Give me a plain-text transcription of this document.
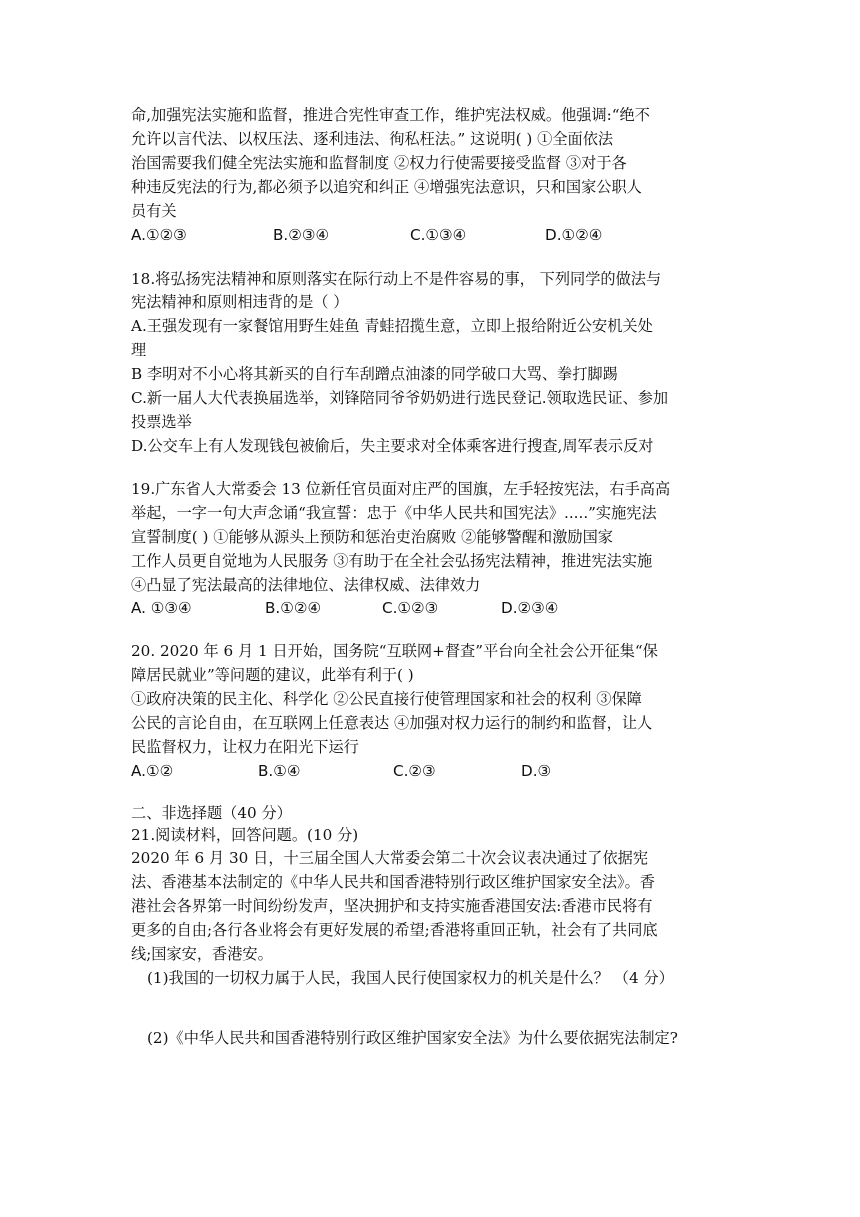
命,加强宪法实施和监督，推进合宪性审查工作，维护宪法权威。他强调:“绝不
允许以言代法、以权压法、逐利违法、徇私枉法。” 这说明( ) ①全面依法
治国需要我们健全宪法实施和监督制度 ②权力行使需要接受监督 ③对于各
种违反宪法的行为,都必须予以追究和纠正 ④增强宪法意识，只和国家公职人
员有关
A.①②③	B.②③④	C.①③④	D.①②④
18.将弘扬宪法精神和原则落实在际行动上不是件容易的事， 下列同学的做法与
宪法精神和原则相违背的是（ ）
A.王强发现有一家餐馆用野生娃鱼 青蛙招揽生意，立即上报给附近公安机关处
理
B 李明对不小心将其新买的自行车刮蹭点油漆的同学破口大骂、拳打脚踢
C.新一届人大代表换届选举，刘锋陪同爷爷奶奶进行选民登记.领取选民证、参加
投票选举
D.公交车上有人发现钱包被偷后，失主要求对全体乘客进行搜查,周军表示反对
19.广东省人大常委会 13 位新任官员面对庄严的国旗，左手轻按宪法，右手高高
举起，一字一句大声念诵“我宣誓：忠于《中华人民共和国宪法》.....”实施宪法
宣誓制度( ) ①能够从源头上预防和惩治吏治腐败 ②能够警醒和激励国家
工作人员更自觉地为人民服务 ③有助于在全社会弘扬宪法精神，推进宪法实施
④凸显了宪法最高的法律地位、法律权威、法律效力
A. ①③④	B.①②④	C.①②③	D.②③④
20. 2020 年 6 月 1 日开始，国务院“互联网+督查”平台向全社会公开征集“保
障居民就业”等问题的建议，此举有利于( )
①政府决策的民主化、科学化 ②公民直接行使管理国家和社会的权利 ③保障
公民的言论自由，在互联网上任意表达 ④加强对权力运行的制约和监督，让人
民监督权力，让权力在阳光下运行
A.①②	B.①④	C.②③	D.③
二、非选择题（40 分）
21.阅读材料，回答问题。(10 分)
2020 年 6 月 30 日，十三届全国人大常委会第二十次会议表决通过了依据宪
法、香港基本法制定的《中华人民共和国香港特别行政区维护国家安全法》。香
港社会各界第一时间纷纷发声，坚决拥护和支持实施香港国安法:香港市民将有
更多的自由;各行各业将会有更好发展的希望;香港将重回正轨，社会有了共同底
线;国家安，香港安。
(1)我国的一切权力属于人民，我国人民行使国家权力的机关是什么？ （4 分）
(2)《中华人民共和国香港特别行政区维护国家安全法》为什么要依据宪法制定?
